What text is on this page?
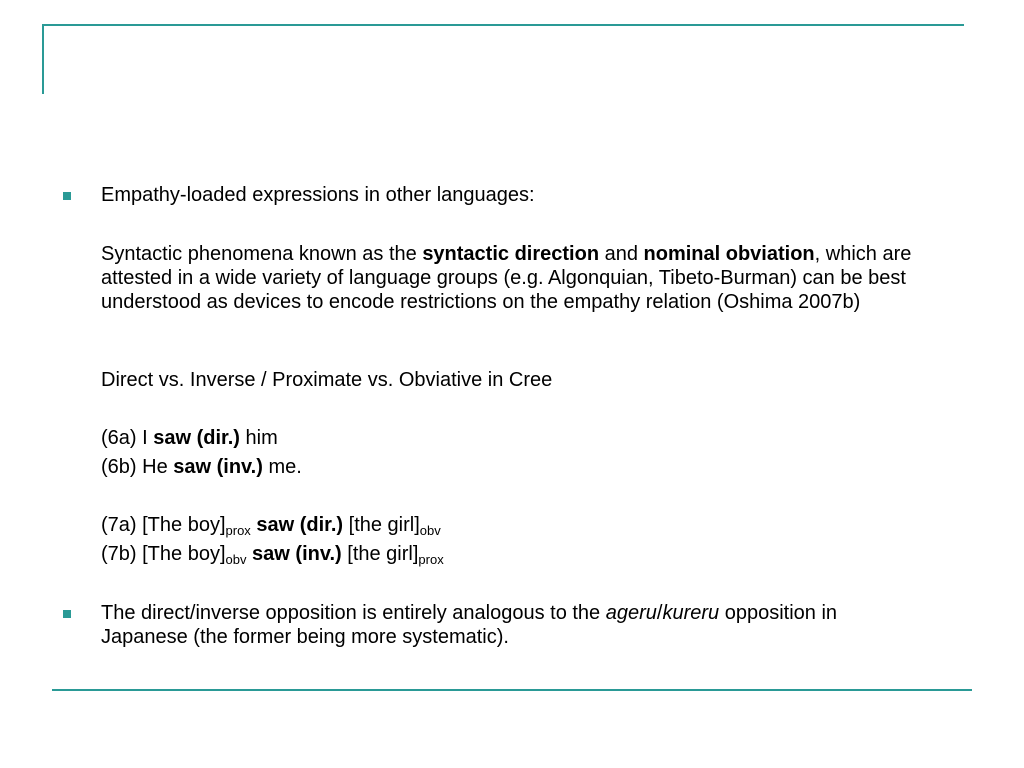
Empathy-loaded expressions in other languages:
Syntactic phenomena known as the syntactic direction and nominal obviation, which are attested in a wide variety of language groups (e.g. Algonquian, Tibeto-Burman) can be best understood as devices to encode restrictions on the empathy relation (Oshima 2007b)
Direct vs. Inverse / Proximate vs. Obviative in Cree
(6a) I saw (dir.) him
(6b) He saw (inv.) me.
(7a) [The $boy]_{prox}$ saw (dir.) [the $girl]_{obv}$
(7b) [The $boy]_{obv}$ saw (inv.) [the $girl]_{prox}$
The direct/inverse opposition is entirely analogous to the ageru/kureru opposition in Japanese (the former being more systematic).
